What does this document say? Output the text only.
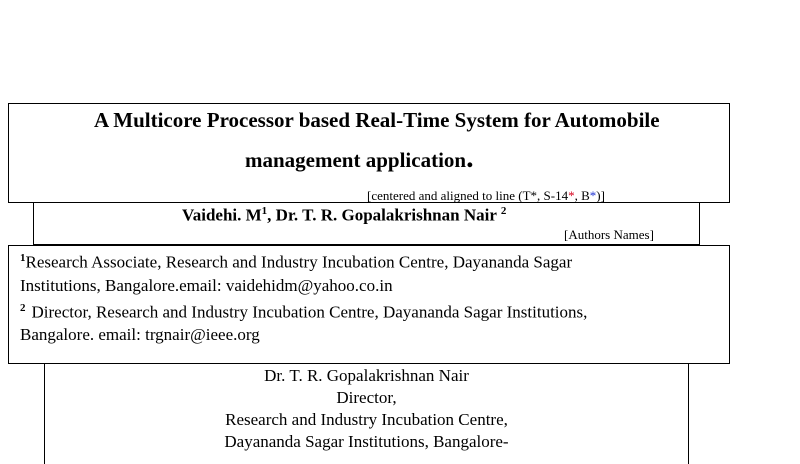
A Multicore Processor based Real-Time System for Automobile
management application.
[centered and aligned to line (T*, S-14*, B*)]
Vaidehi. $M^1$, Dr. T. R. Gopalakrishnan Nair $^2$
[Authors Names]
$^1$Research Associate, Research and Industry Incubation Centre, Dayananda Sagar
Institutions, Bangalore.email: vaidehidm@yahoo.co.in
$^2$ Director, Research and Industry Incubation Centre, Dayananda Sagar Institutions,
Bangalore. email: trgnair@ieee.org
Dr. T. R. Gopalakrishnan Nair
Director,
Research and Industry Incubation Centre,
Dayananda Sagar Institutions, Bangalore-
